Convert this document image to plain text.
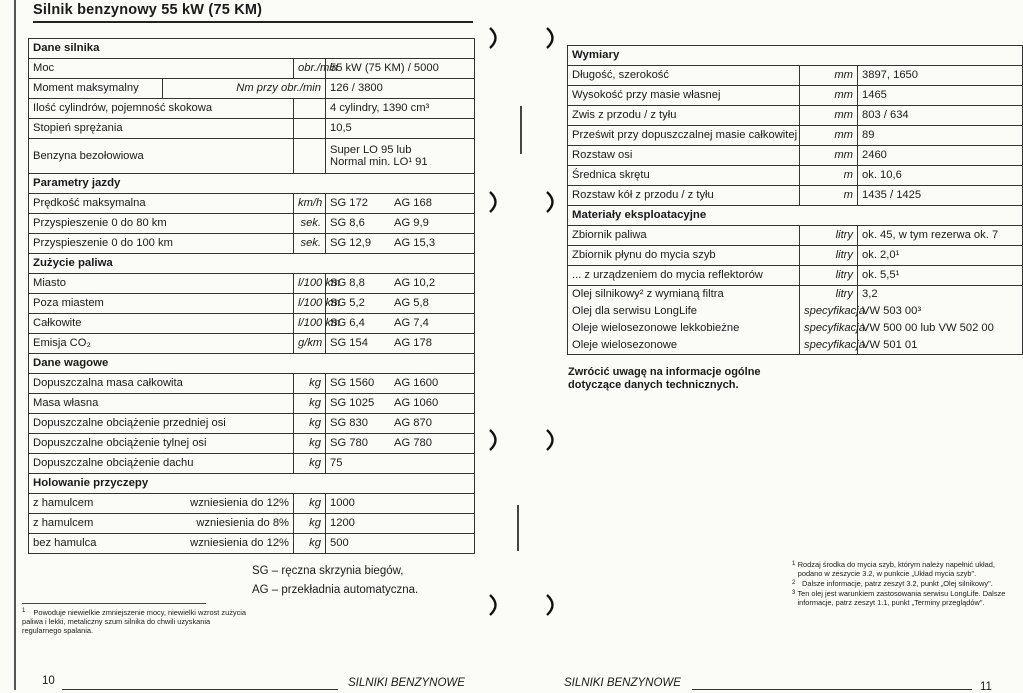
Silnik benzynowy 55 kW (75 KM)
Dane silnika			
Moc		obr./min	55 kW (75 KM) / 5000

Moment maksymalny	Nm przy obr./min		126 / 3800

Ilość cylindrów, pojemność skokowa			4 cylindry, 1390 cm³

Stopień sprężania			10,5

Benzyna bezołowiowa			Super LO 95 lub
Normal min. LO¹ 91

Parametry jazdy			
Prędkość maksymalna		km/h	SG 172 AG 168
Przyspieszenie 0 do 80 km		sek.	SG 8,6 AG 9,9
Przyspieszenie 0 do 100 km		sek.	SG 12,9 AG 15,3
Zużycie paliwa			
Miasto		l/100 km	SG 8,8 AG 10,2
Poza miastem		l/100 km	SG 5,2 AG 5,8
Całkowite		l/100 km	SG 6,4 AG 7,4
Emisja CO₂		g/km	SG 154 AG 178
Dane wagowe			
Dopuszczalna masa całkowita		kg	SG 1560 AG 1600
Masa własna		kg	SG 1025 AG 1060
Dopuszczalne obciążenie przedniej osi		kg	SG 830 AG 870
Dopuszczalne obciążenie tylnej osi		kg	SG 780 AG 780
Dopuszczalne obciążenie dachu		kg	75

Holowanie przyczepy			
z hamulcem	wzniesienia do 12%	kg	1000

z hamulcem	wzniesienia do 8%	kg	1200

bez hamulca	wzniesienia do 12%	kg	500
SG – ręczna skrzynia biegów,
AG – przekładnia automatyczna.
$^1$ Powoduje niewielkie zmniejszenie mocy, niewielki wzrost zużycia paliwa i lekki, metaliczny szum silnika do chwili uzyskania regularnego spalania.
10	SILNIKI BENZYNOWE
Wymiary		
Długość, szerokość	mm	3897, 1650
Wysokość przy masie własnej	mm	1465
Zwis z przodu / z tyłu	mm	803 / 634
Prześwit przy dopuszczalnej masie całkowitej	mm	89
Rozstaw osi	mm	2460
Średnica skrętu	m	ok. 10,6
Rozstaw kół z przodu / z tyłu	m	1435 / 1425
Materiały eksploatacyjne		
Zbiornik paliwa	litry	ok. 45, w tym rezerwa ok. 7
Zbiornik płynu do mycia szyb	litry	ok. 2,0¹
... z urządzeniem do mycia reflektorów	litry	ok. 5,5¹
Olej silnikowy² z wymianą filtra	litry	3,2
Olej dla serwisu LongLife	specyfikacja	VW 503 00³
Oleje wielosezonowe lekkobieżne	specyfikacja	VW 500 00 lub VW 502 00
Oleje wielosezonowe	specyfikacja	VW 501 01
Zwrócić uwagę na informacje ogólne dotyczące danych technicznych.
1 Rodzaj środka do mycia szyb, którym należy napełnić układ, podano w zeszycie 3.2, w punkcie „Układ mycia szyb".
2 Dalsze informacje, patrz zeszyt 3.2, punkt „Olej silnikowy".
3 Ten olej jest warunkiem zastosowania serwisu LongLife. Dalsze informacje, patrz zeszyt 1.1, punkt „Terminy przeglądów".
SILNIKI BENZYNOWE	11
